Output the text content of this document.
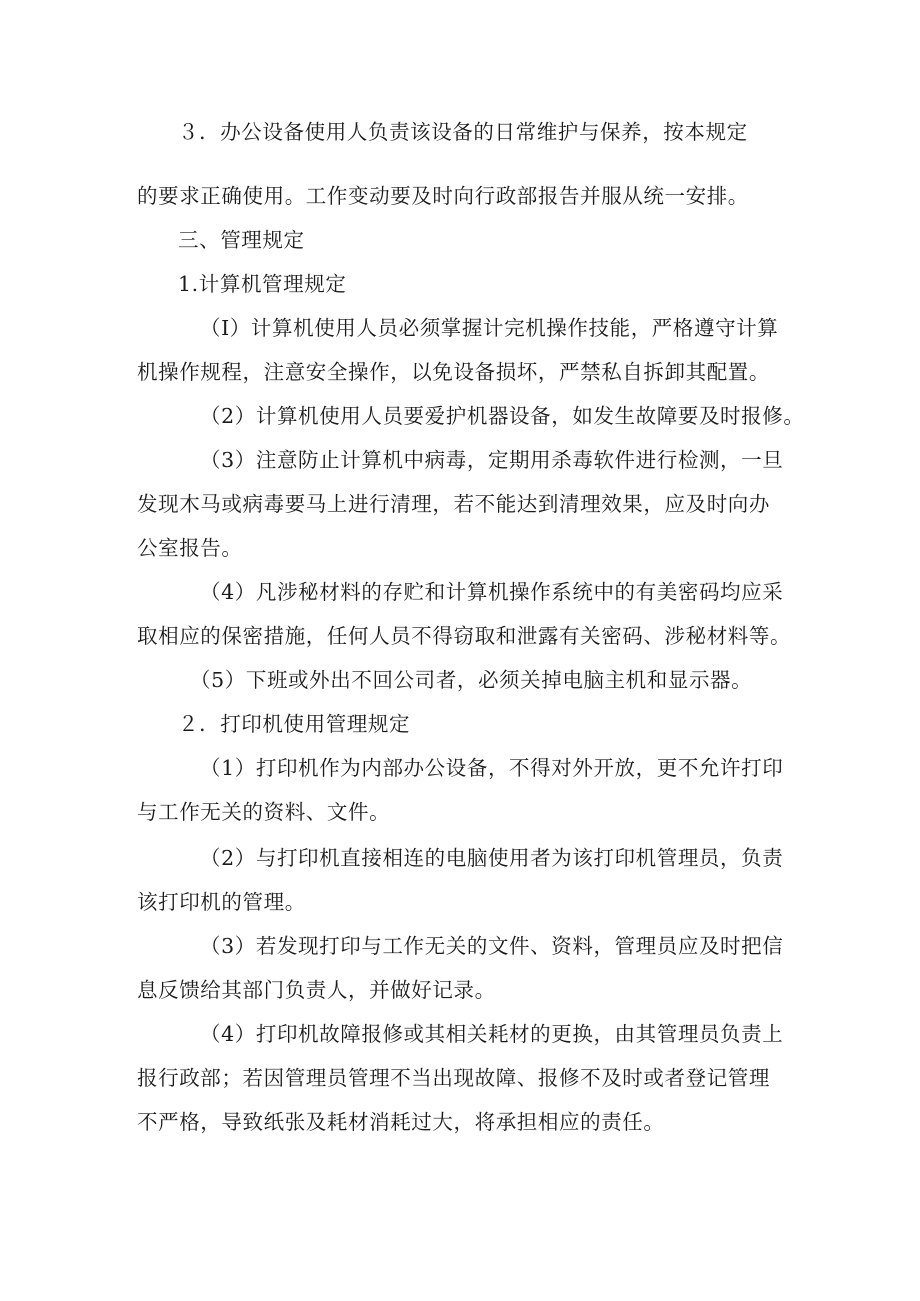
３．办公设备使用人负责该设备的日常维护与保养，按本规定
的要求正确使用。工作变动要及时向行政部报告并服从统一安排。
三、管理规定
1.计算机管理规定
（I）计算机使用人员必须掌握计完机操作技能，严格遵守计算
机操作规程，注意安全操作，以免设备损坏，严禁私自拆卸其配置。
（2）计算机使用人员要爱护机器设备，如发生故障要及时报修。
（3）注意防止计算机中病毒，定期用杀毒软件进行检测，一旦
发现木马或病毒要马上进行清理，若不能达到清理效果，应及时向办
公室报告。
（4）凡涉秘材料的存贮和计算机操作系统中的有美密码均应采
取相应的保密措施，任何人员不得窃取和泄露有关密码、涉秘材料等。
（5）下班或外出不回公司者，必须关掉电脑主机和显示器。
２．打印机使用管理规定
（1）打印机作为内部办公设备，不得对外开放，更不允许打印
与工作无关的资料、文件。
（2）与打印机直接相连的电脑使用者为该打印机管理员，负责
该打印机的管理。
（3）若发现打印与工作无关的文件、资料，管理员应及时把信
息反馈给其部门负责人，并做好记录。
（4）打印机故障报修或其相关耗材的更换，由其管理员负责上
报行政部；若因管理员管理不当出现故障、报修不及时或者登记管理
不严格，导致纸张及耗材消耗过大，将承担相应的责任。
